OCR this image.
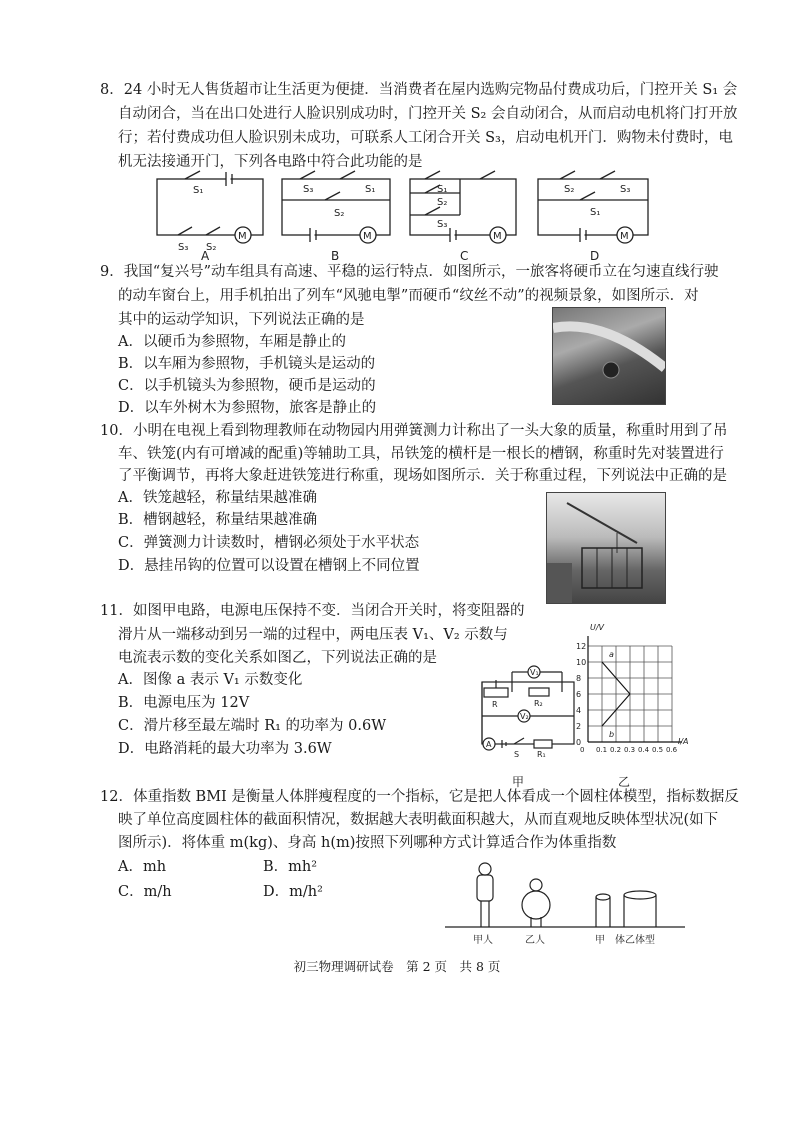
8．24 小时无人售货超市让生活更为便捷．当消费者在屋内选购完物品付费成功后，门控开关 S₁ 会
自动闭合，当在出口处进行人脸识别成功时，门控开关 S₂ 会自动闭合，从而启动电机将门打开放
行；若付费成功但人脸识别未成功，可联系人工闭合开关 S₃，启动电机开门．购物未付费时，电
机无法接通开门，下列各电路中符合此功能的是
S₁
S₃ S₂
M
S₃	S₁
S₂
M
S₁
S₂
S₃
M
S₂	S₃
S₁
M
A	B	C	D
9．我国“复兴号”动车组具有高速、平稳的运行特点．如图所示，一旅客将硬币立在匀速直线行驶
的动车窗台上，用手机拍出了列车“风驰电掣”而硬币“纹丝不动”的视频景象，如图所示．对
其中的运动学知识，下列说法正确的是
A．以硬币为参照物，车厢是静止的
B．以车厢为参照物，手机镜头是运动的
C．以手机镜头为参照物，硬币是运动的
D．以车外树木为参照物，旅客是静止的
10．小明在电视上看到物理教师在动物园内用弹簧测力计称出了一头大象的质量，称重时用到了吊
车、铁笼(内有可增减的配重)等辅助工具，吊铁笼的横杆是一根长的槽钢，称重时先对装置进行
了平衡调节，再将大象赶进铁笼进行称重，现场如图所示．关于称重过程，下列说法中正确的是
A．铁笼越轻，称量结果越准确
B．槽钢越轻，称量结果越准确
C．弹簧测力计读数时，槽钢必须处于水平状态
D．悬挂吊钩的位置可以设置在槽钢上不同位置
11．如图甲电路，电源电压保持不变．当闭合开关时，将变阻器的
滑片从一端移动到另一端的过程中，两电压表 V₁、V₂ 示数与
电流表示数的变化关系如图乙，下列说法正确的是
A．图像 a 表示 V₁ 示数变化
B．电源电压为 12V
C．滑片移至最左端时 R₁ 的功率为 0.6W
D．电路消耗的最大功率为 3.6W
V₁
V₂
R	R₂
R₁
S
A
甲
12
10
8
6
4
2
0
0.1 0.2 0.3 0.4 0.5 0.6
0
U/V
I/A
a
b
乙
12．体重指数 BMI 是衡量人体胖瘦程度的一个指标，它是把人体看成一个圆柱体模型，指标数据反
映了单位高度圆柱体的截面积情况，数据越大表明截面积越大，从而直观地反映体型状况(如下
图所示)．将体重 m(kg)、身高 h(m)按照下列哪种方式计算适合作为体重指数
A．mh	B．mh²
C．m/h	D．m/h²
甲人	乙人	甲　体 乙体型
初三物理调研试卷　第 2 页　共 8 页
